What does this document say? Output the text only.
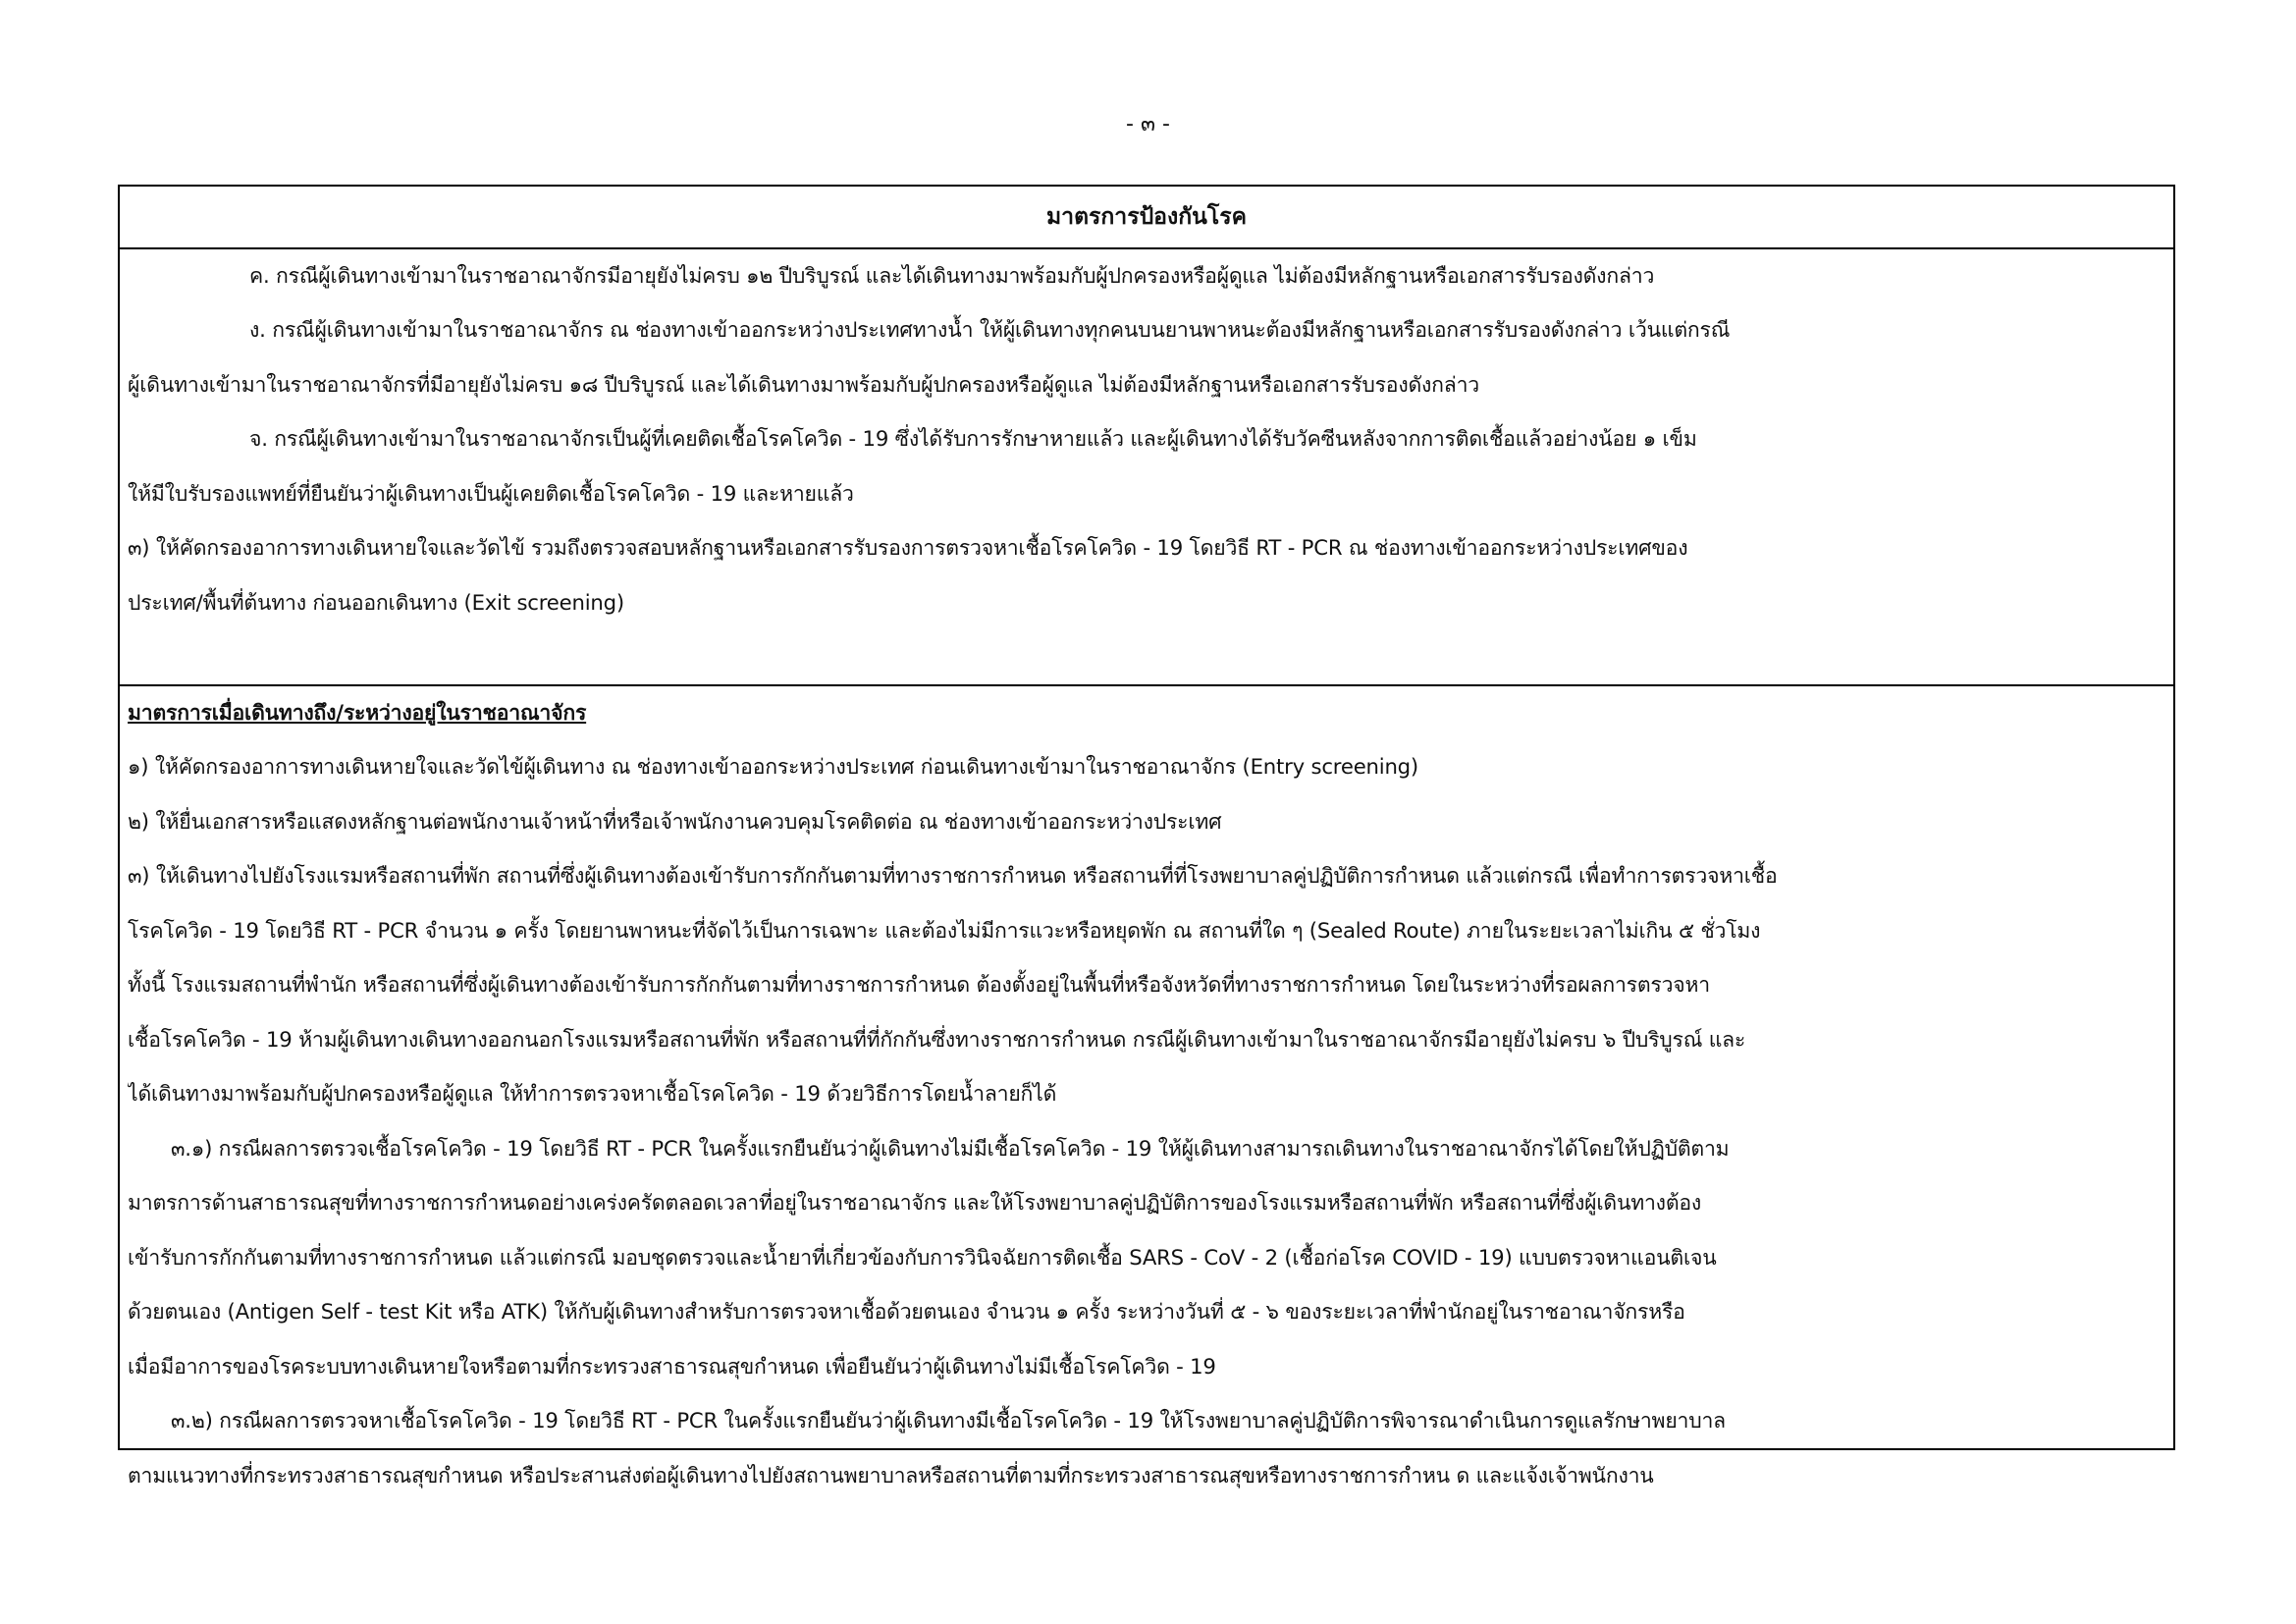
- ๓ -
มาตรการป้องกันโรค
ค. กรณีผู้เดินทางเข้ามาในราชอาณาจักรมีอายุยังไม่ครบ ๑๒ ปีบริบูรณ์ และได้เดินทางมาพร้อมกับผู้ปกครองหรือผู้ดูแล ไม่ต้องมีหลักฐานหรือเอกสารรับรองดังกล่าว
ง. กรณีผู้เดินทางเข้ามาในราชอาณาจักร ณ ช่องทางเข้าออกระหว่างประเทศทางน้ำ ให้ผู้เดินทางทุกคนบนยานพาหนะต้องมีหลักฐานหรือเอกสารรับรองดังกล่าว เว้นแต่กรณี
ผู้เดินทางเข้ามาในราชอาณาจักรที่มีอายุยังไม่ครบ ๑๘ ปีบริบูรณ์ และได้เดินทางมาพร้อมกับผู้ปกครองหรือผู้ดูแล ไม่ต้องมีหลักฐานหรือเอกสารรับรองดังกล่าว
จ. กรณีผู้เดินทางเข้ามาในราชอาณาจักรเป็นผู้ที่เคยติดเชื้อโรคโควิด - 19 ซึ่งได้รับการรักษาหายแล้ว และผู้เดินทางได้รับวัคซีนหลังจากการติดเชื้อแล้วอย่างน้อย ๑ เข็ม
ให้มีใบรับรองแพทย์ที่ยืนยันว่าผู้เดินทางเป็นผู้เคยติดเชื้อโรคโควิด - 19 และหายแล้ว
๓) ให้คัดกรองอาการทางเดินหายใจและวัดไข้ รวมถึงตรวจสอบหลักฐานหรือเอกสารรับรองการตรวจหาเชื้อโรคโควิด - 19 โดยวิธี RT - PCR ณ ช่องทางเข้าออกระหว่างประเทศของ
ประเทศ/พื้นที่ต้นทาง ก่อนออกเดินทาง (Exit screening)
มาตรการเมื่อเดินทางถึง/ระหว่างอยู่ในราชอาณาจักร
๑) ให้คัดกรองอาการทางเดินหายใจและวัดไข้ผู้เดินทาง ณ ช่องทางเข้าออกระหว่างประเทศ ก่อนเดินทางเข้ามาในราชอาณาจักร (Entry screening)
๒) ให้ยื่นเอกสารหรือแสดงหลักฐานต่อพนักงานเจ้าหน้าที่หรือเจ้าพนักงานควบคุมโรคติดต่อ ณ ช่องทางเข้าออกระหว่างประเทศ
๓) ให้เดินทางไปยังโรงแรมหรือสถานที่พัก สถานที่ซึ่งผู้เดินทางต้องเข้ารับการกักกันตามที่ทางราชการกำหนด หรือสถานที่ที่โรงพยาบาลคู่ปฏิบัติการกำหนด แล้วแต่กรณี เพื่อทำการตรวจหาเชื้อ
โรคโควิด - 19 โดยวิธี RT - PCR จำนวน ๑ ครั้ง โดยยานพาหนะที่จัดไว้เป็นการเฉพาะ และต้องไม่มีการแวะหรือหยุดพัก ณ สถานที่ใด ๆ (Sealed Route) ภายในระยะเวลาไม่เกิน ๕ ชั่วโมง
ทั้งนี้ โรงแรมสถานที่พำนัก หรือสถานที่ซึ่งผู้เดินทางต้องเข้ารับการกักกันตามที่ทางราชการกำหนด ต้องตั้งอยู่ในพื้นที่หรือจังหวัดที่ทางราชการกำหนด โดยในระหว่างที่รอผลการตรวจหา
เชื้อโรคโควิด - 19 ห้ามผู้เดินทางเดินทางออกนอกโรงแรมหรือสถานที่พัก หรือสถานที่ที่กักกันซึ่งทางราชการกำหนด กรณีผู้เดินทางเข้ามาในราชอาณาจักรมีอายุยังไม่ครบ ๖ ปีบริบูรณ์ และ
ได้เดินทางมาพร้อมกับผู้ปกครองหรือผู้ดูแล ให้ทำการตรวจหาเชื้อโรคโควิด - 19 ด้วยวิธีการโดยน้ำลายก็ได้
๓.๑) กรณีผลการตรวจเชื้อโรคโควิด - 19 โดยวิธี RT - PCR ในครั้งแรกยืนยันว่าผู้เดินทางไม่มีเชื้อโรคโควิด - 19 ให้ผู้เดินทางสามารถเดินทางในราชอาณาจักรได้โดยให้ปฏิบัติตาม
มาตรการด้านสาธารณสุขที่ทางราชการกำหนดอย่างเคร่งครัดตลอดเวลาที่อยู่ในราชอาณาจักร และให้โรงพยาบาลคู่ปฏิบัติการของโรงแรมหรือสถานที่พัก หรือสถานที่ซึ่งผู้เดินทางต้อง
เข้ารับการกักกันตามที่ทางราชการกำหนด แล้วแต่กรณี มอบชุดตรวจและน้ำยาที่เกี่ยวข้องกับการวินิจฉัยการติดเชื้อ SARS - CoV - 2 (เชื้อก่อโรค COVID - 19) แบบตรวจหาแอนติเจน
ด้วยตนเอง (Antigen Self - test Kit หรือ ATK) ให้กับผู้เดินทางสำหรับการตรวจหาเชื้อด้วยตนเอง จำนวน ๑ ครั้ง ระหว่างวันที่ ๕ - ๖ ของระยะเวลาที่พำนักอยู่ในราชอาณาจักรหรือ
เมื่อมีอาการของโรคระบบทางเดินหายใจหรือตามที่กระทรวงสาธารณสุขกำหนด เพื่อยืนยันว่าผู้เดินทางไม่มีเชื้อโรคโควิด - 19
๓.๒) กรณีผลการตรวจหาเชื้อโรคโควิด - 19 โดยวิธี RT - PCR ในครั้งแรกยืนยันว่าผู้เดินทางมีเชื้อโรคโควิด - 19 ให้โรงพยาบาลคู่ปฏิบัติการพิจารณาดำเนินการดูแลรักษาพยาบาล
ตามแนวทางที่กระทรวงสาธารณสุขกำหนด หรือประสานส่งต่อผู้เดินทางไปยังสถานพยาบาลหรือสถานที่ตามที่กระทรวงสาธารณสุขหรือทางราชการกำหน ด และแจ้งเจ้าพนักงาน
